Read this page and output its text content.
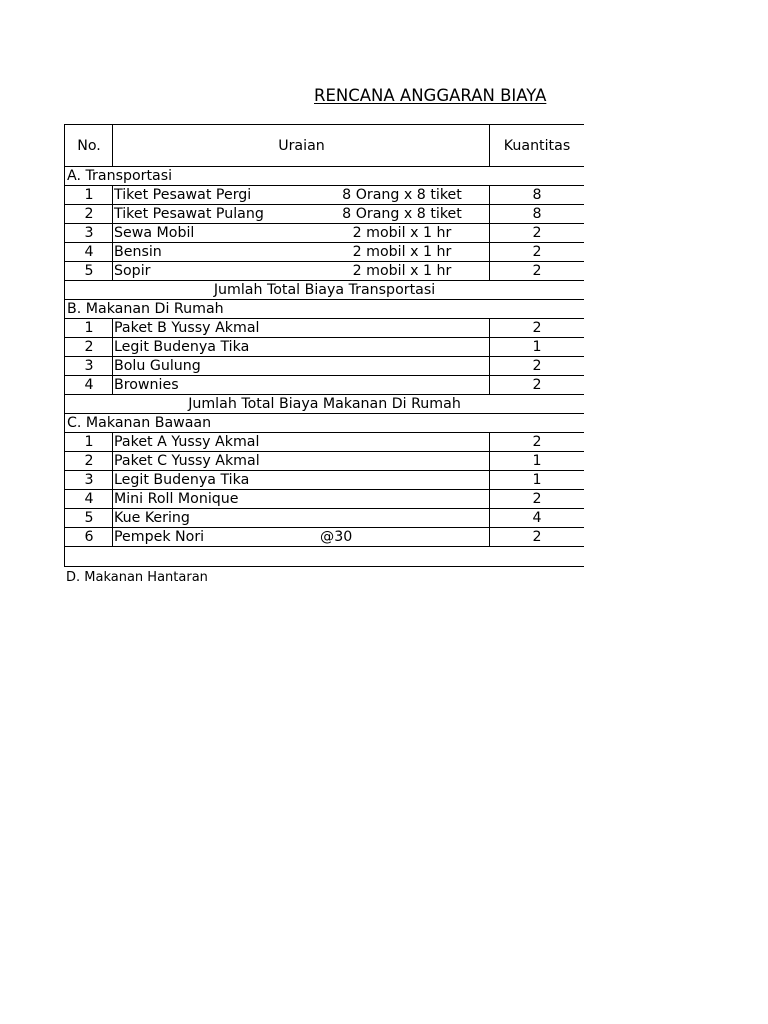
RENCANA ANGGARAN BIAYA
No.	Uraian	Kuantitas
A. Transportasi
1	Tiket Pesawat Pergi	8 Orang x 8 tiket	8
2	Tiket Pesawat Pulang	8 Orang x 8 tiket	8
3	Sewa Mobil	2 mobil x 1 hr	2
4	Bensin	2 mobil x 1 hr	2
5	Sopir	2 mobil x 1 hr	2
Jumlah Total Biaya Transportasi
B. Makanan Di Rumah
1	Paket B Yussy Akmal	2
2	Legit Budenya Tika	1
3	Bolu Gulung	2
4	Brownies	2
Jumlah Total Biaya Makanan Di Rumah
C. Makanan Bawaan
1	Paket A Yussy Akmal	2
2	Paket C Yussy Akmal	1
3	Legit Budenya Tika	1
4	Mini Roll Monique	2
5	Kue Kering	4
6	Pempek Nori	@30	2
D. Makanan Hantaran
